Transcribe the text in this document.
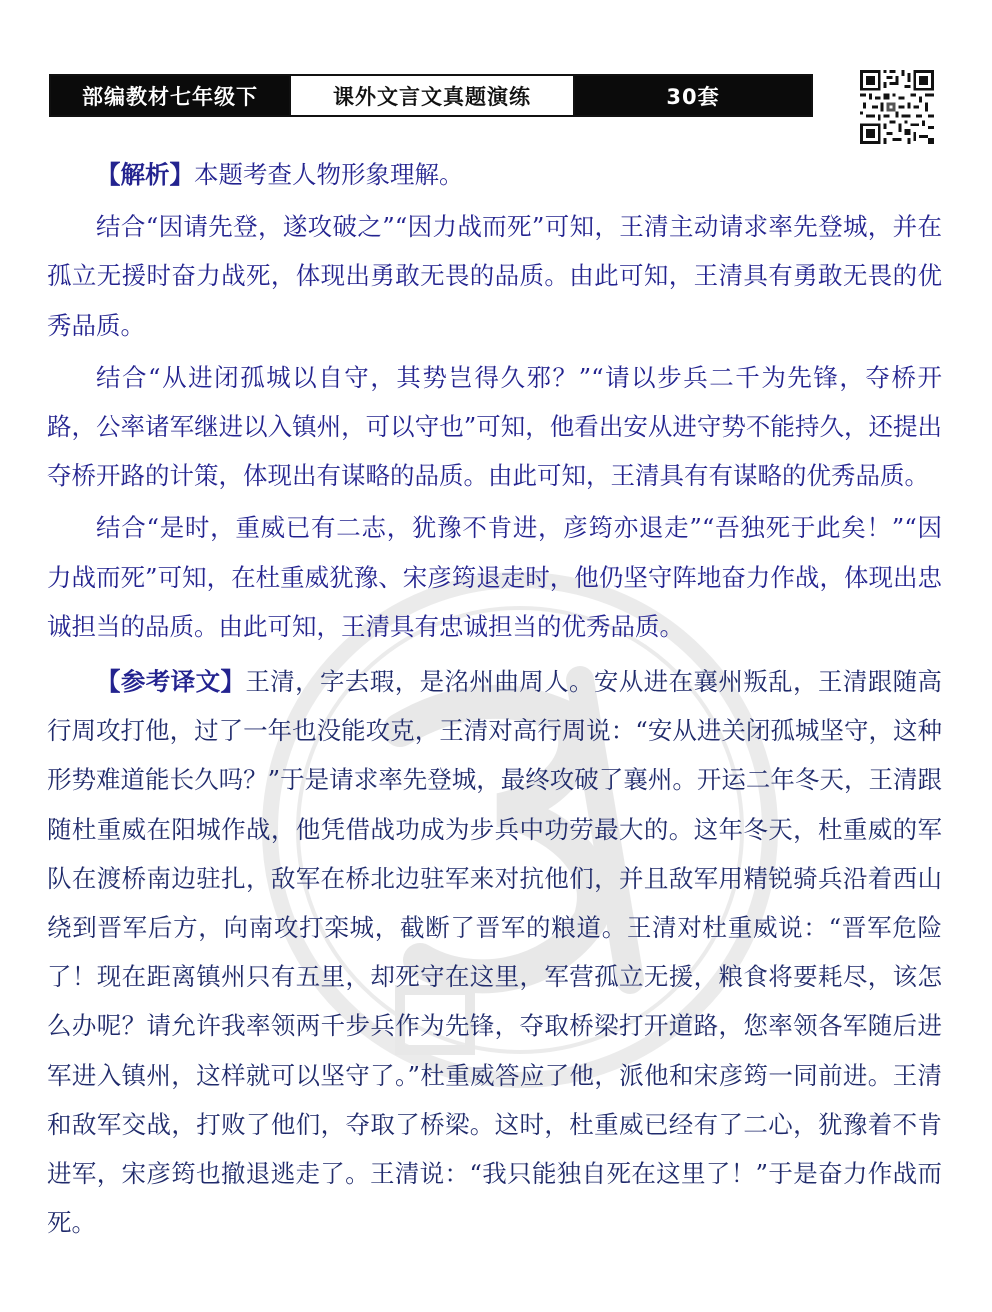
部编教材七年级下	课外文言文真题演练	30套

【解析】本题考查人物形象理解。

结合“因请先登，遂攻破之”“因力战而死”可知，王清主动请求率先登城，并在孤立无援时奋力战死，体现出勇敢无畏的品质。由此可知，王清具有勇敢无畏的优秀品质。

结合“从进闭孤城以自守，其势岂得久邪？”“请以步兵二千为先锋，夺桥开路，公率诸军继进以入镇州，可以守也”可知，他看出安从进守势不能持久，还提出夺桥开路的计策，体现出有谋略的品质。由此可知，王清具有有谋略的优秀品质。

结合“是时，重威已有二志，犹豫不肯进，彦筠亦退走”“吾独死于此矣！”“因力战而死”可知，在杜重威犹豫、宋彦筠退走时，他仍坚守阵地奋力作战，体现出忠诚担当的品质。由此可知，王清具有忠诚担当的优秀品质。

【参考译文】王清，字去瑕，是洺州曲周人。安从进在襄州叛乱，王清跟随高行周攻打他，过了一年也没能攻克，王清对高行周说：“安从进关闭孤城坚守，这种形势难道能长久吗？”于是请求率先登城，最终攻破了襄州。开运二年冬天，王清跟随杜重威在阳城作战，他凭借战功成为步兵中功劳最大的。这年冬天，杜重威的军队在渡桥南边驻扎，敌军在桥北边驻军来对抗他们，并且敌军用精锐骑兵沿着西山绕到晋军后方，向南攻打栾城，截断了晋军的粮道。王清对杜重威说：“晋军危险了！现在距离镇州只有五里，却死守在这里，军营孤立无援，粮食将要耗尽，该怎么办呢？请允许我率领两千步兵作为先锋，夺取桥梁打开道路，您率领各军随后进军进入镇州，这样就可以坚守了。”杜重威答应了他，派他和宋彦筠一同前进。王清和敌军交战，打败了他们，夺取了桥梁。这时，杜重威已经有了二心，犹豫着不肯进军，宋彦筠也撤退逃走了。王清说：“我只能独自死在这里了！”于是奋力作战而死。
